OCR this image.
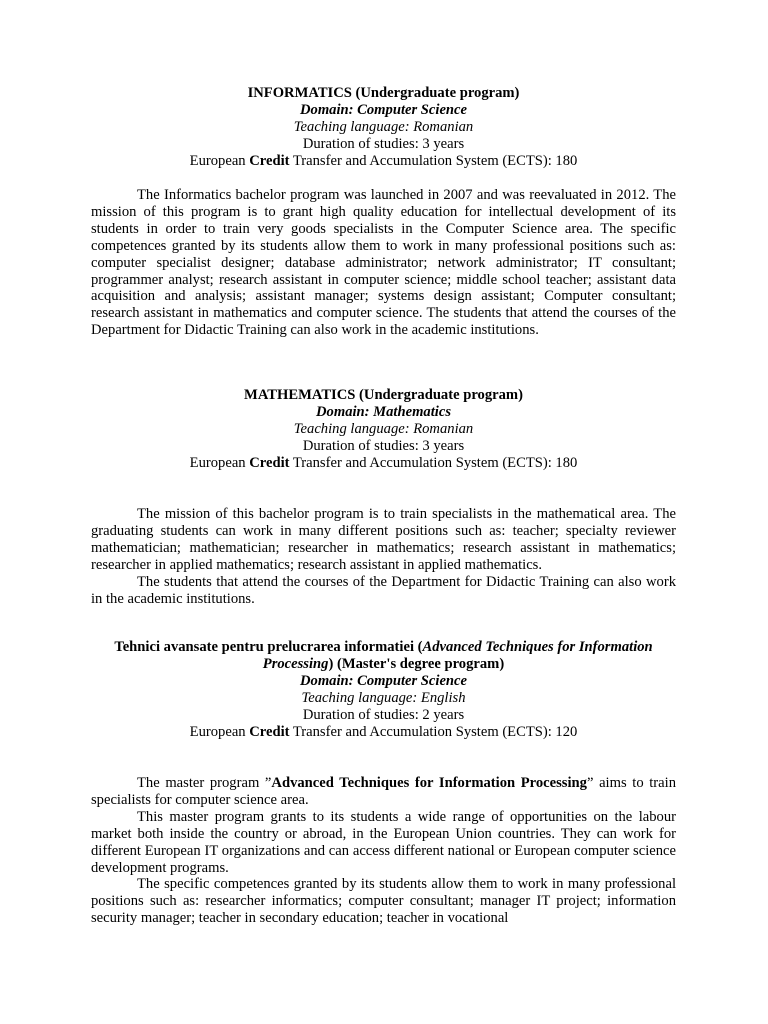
INFORMATICS (Undergraduate program)

Domain: Computer Science

Teaching language: Romanian

Duration of studies: 3 years

European Credit Transfer and Accumulation System (ECTS): 180

The Informatics bachelor program was launched in 2007 and was reevaluated in 2012. The mission of this program is to grant high quality education for intellectual development of its students in order to train very goods specialists in the Computer Science area. The specific competences granted by its students allow them to work in many professional positions such as: computer specialist designer; database administrator; network administrator; IT consultant; programmer analyst; research assistant in computer science; middle school teacher; assistant data acquisition and analysis; assistant manager; systems design assistant; Computer consultant; research assistant in mathematics and computer science. The students that attend the courses of the Department for Didactic Training can also work in the academic institutions.

MATHEMATICS (Undergraduate program)

Domain: Mathematics

Teaching language: Romanian

Duration of studies: 3 years

European Credit Transfer and Accumulation System (ECTS): 180

The mission of this bachelor program is to train specialists in the mathematical area. The graduating students can work in many different positions such as: teacher; specialty reviewer mathematician; mathematician; researcher in mathematics; research assistant in mathematics; researcher in applied mathematics; research assistant in applied mathematics.

The students that attend the courses of the Department for Didactic Training can also work in the academic institutions.

Tehnici avansate pentru prelucrarea informatiei (Advanced Techniques for Information Processing) (Master's degree program)

Domain: Computer Science

Teaching language: English

Duration of studies: 2 years

European Credit Transfer and Accumulation System (ECTS): 120

The master program ”Advanced Techniques for Information Processing” aims to train specialists for computer science area.

This master program grants to its students a wide range of opportunities on the labour market both inside the country or abroad, in the European Union countries. They can work for different European IT organizations and can access different national or European computer science development programs.

The specific competences granted by its students allow them to work in many professional positions such as: researcher informatics; computer consultant; manager IT project; information security manager; teacher in secondary education; teacher in vocational
